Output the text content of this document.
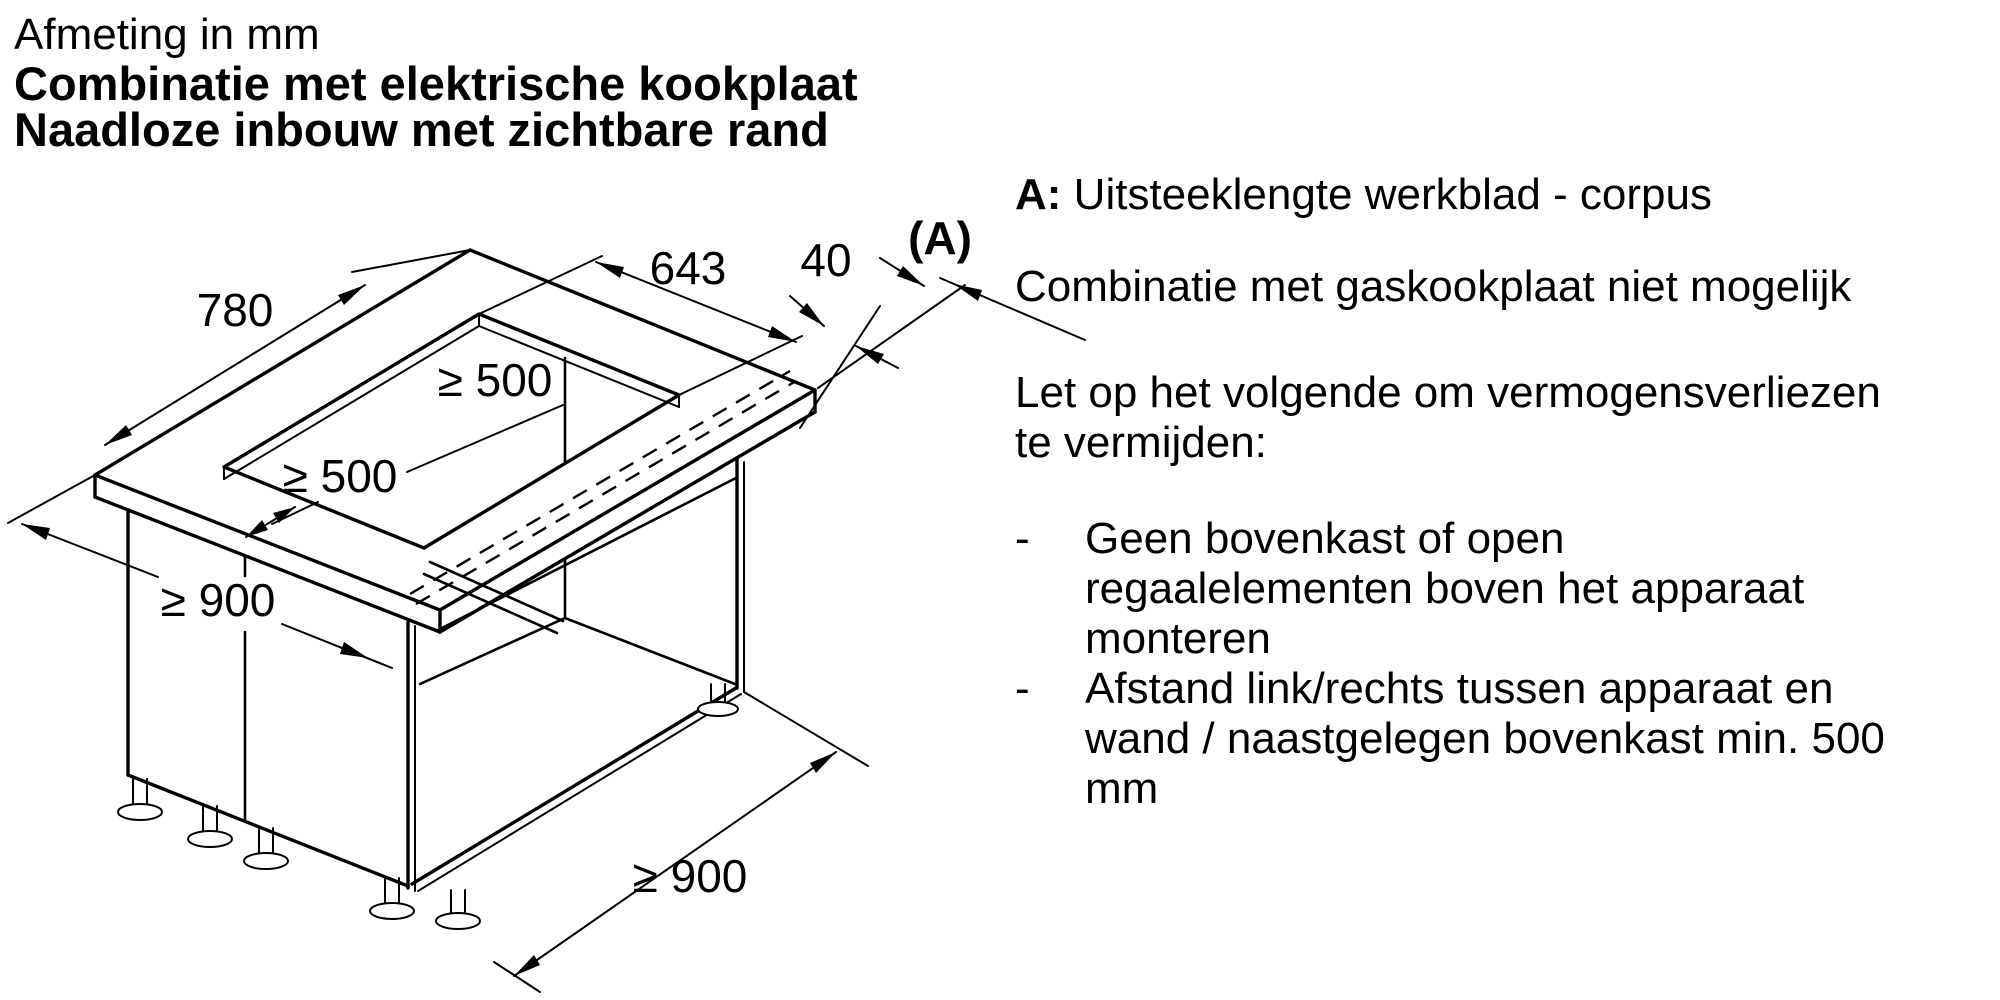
Afmeting in mm
Combinatie met elektrische kookplaat
Naadloze inbouw met zichtbare rand
A: Uitsteeklengte werkblad - corpus
Combinatie met gaskookplaat niet mogelijk
Let op het volgende om vermogensverliezen
te vermijden:
-	Geen bovenkast of open
regaalelementen boven het apparaat
monteren
-	Afstand link/rechts tussen apparaat en
wand / naastgelegen bovenkast min. 500
mm
780
643 40 (A)
≥ 500
≥ 500
≥ 900
≥ 900
